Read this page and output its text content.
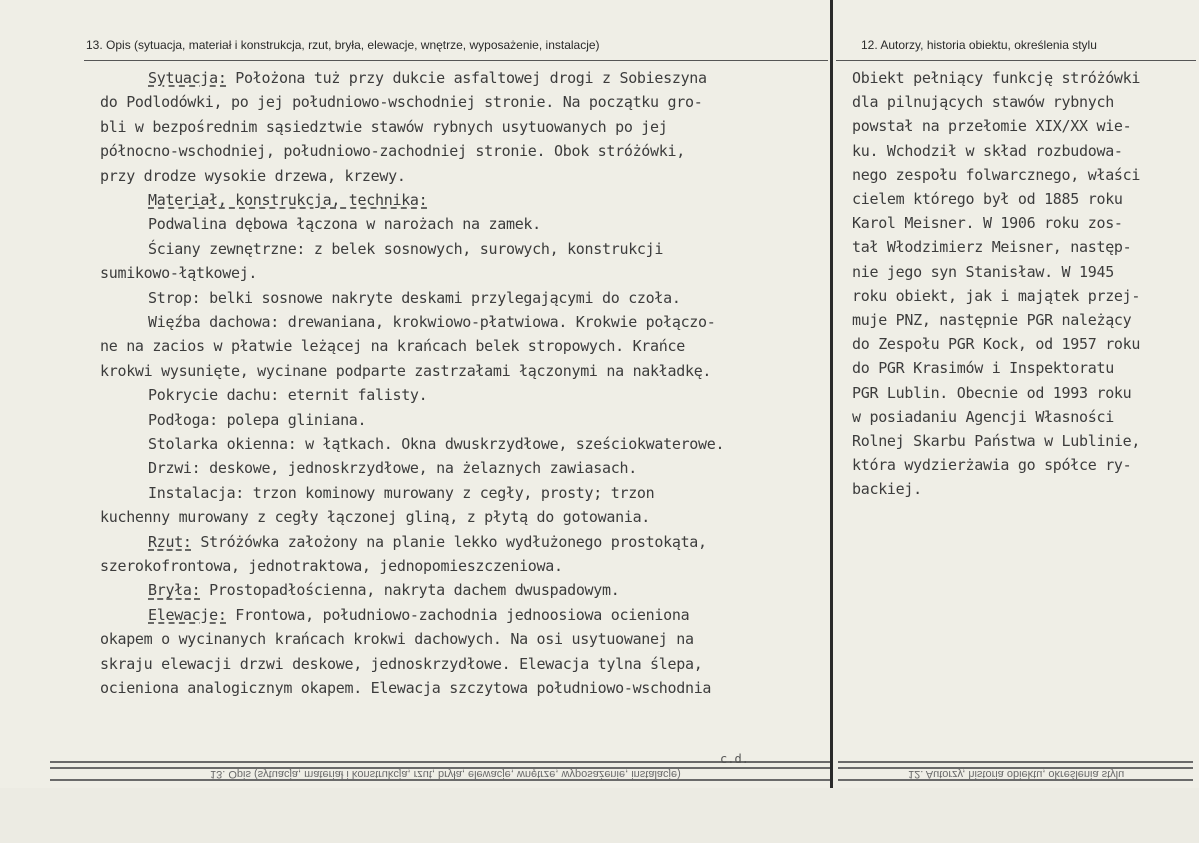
13. Opis (sytuacja, materiał i konstrukcja, rzut, bryła, elewacje, wnętrze, wyposażenie, instalacje)	12. Autorzy, historia obiektu, określenia stylu
Sytuacja: Położona tuż przy dukcie asfaltowej drogi z Sobieszyna
do Podlodówki, po jej południowo-wschodniej stronie. Na początku gro-
bli w bezpośrednim sąsiedztwie stawów rybnych usytuowanych po jej
północno-wschodniej, południowo-zachodniej stronie. Obok stróżówki,
przy drodze wysokie drzewa, krzewy.
Materiał, konstrukcja, technika:
Podwalina dębowa łączona w narożach na zamek.
Ściany zewnętrzne: z belek sosnowych, surowych, konstrukcji
sumikowo-łątkowej.
Strop: belki sosnowe nakryte deskami przylegającymi do czoła.
Więźba dachowa: drewaniana, krokwiowo-płatwiowa. Krokwie połączo-
ne na zacios w płatwie leżącej na krańcach belek stropowych. Krańce
krokwi wysunięte, wycinane podparte zastrzałami łączonymi na nakładkę.
Pokrycie dachu: eternit falisty.
Podłoga: polepa gliniana.
Stolarka okienna: w łątkach. Okna dwuskrzydłowe, sześciokwaterowe.
Drzwi: deskowe, jednoskrzydłowe, na żelaznych zawiasach.
Instalacja: trzon kominowy murowany z cegły, prosty; trzon
kuchenny murowany z cegły łączonej gliną, z płytą do gotowania.
Rzut: Stróżówka założony na planie lekko wydłużonego prostokąta,
szerokofrontowa, jednotraktowa, jednopomieszczeniowa.
Bryła: Prostopadłościenna, nakryta dachem dwuspadowym.
Elewacje: Frontowa, południowo-zachodnia jednoosiowa ocieniona
okapem o wycinanych krańcach krokwi dachowych. Na osi usytuowanej na
skraju elewacji drzwi deskowe, jednoskrzydłowe. Elewacja tylna ślepa,
ocieniona analogicznym okapem. Elewacja szczytowa południowo-wschodnia
Obiekt pełniący funkcję stróżówki
dla pilnujących stawów rybnych
powstał na przełomie XIX/XX wie-
ku. Wchodził w skład rozbudowa-
nego zespołu folwarcznego, właści
cielem którego był od 1885 roku
Karol Meisner. W 1906 roku zos-
tał Włodzimierz Meisner, następ-
nie jego syn Stanisław. W 1945
roku obiekt, jak i majątek przej-
muje PNZ, następnie PGR należący
do Zespołu PGR Kock, od 1957 roku
do PGR Krasimów i Inspektoratu
PGR Lublin. Obecnie od 1993 roku
w posiadaniu Agencji Własności
Rolnej Skarbu Państwa w Lublinie,
która wydzierżawia go spółce ry-
backiej.
13. Opis (sytuacja, materiał i konstrukcja, rzut, bryła, elewacje, wnętrze, wyposażenie, instalacje)	12. Autorzy, historia obiektu, określenia stylu
c.d.
